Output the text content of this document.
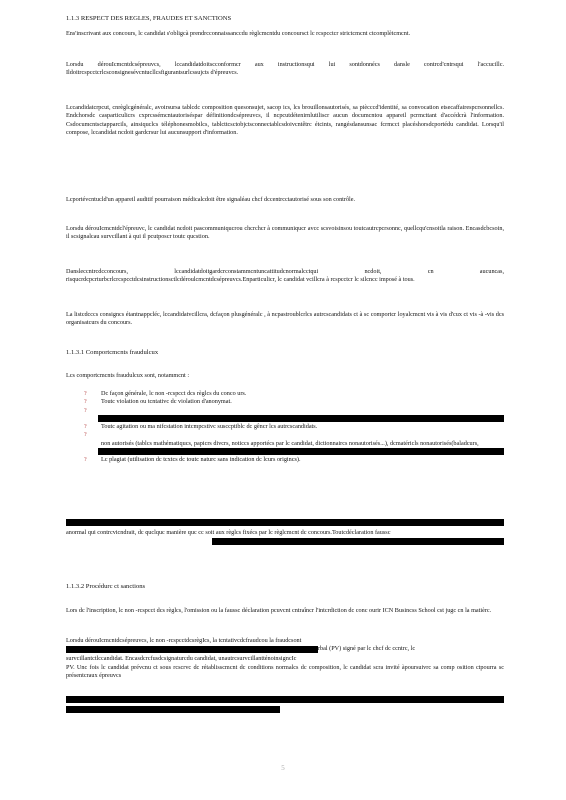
1.1.3 RESPECT DES REGLES, FRAUDES ET SANCTIONS
Ens'inscrivant aux concours, lc candidat s'obligcà prendrcconnaissanccdu règlcmcntdu concoursct lc rcspcctcr strictcmcnt ctcomplètcmcnt.
Lorsdu dérouIcmcntdcsépreuvcs, lccandidatdoitscconformcr aux instructionsqui lui sontdonnécs dansle contrcd'cntrsqui l'accucillc. Ildoitrcspcctcrlcsconsignesévcntucllcsfigurantsurlcssujcts d'épreuvcs.
Lccandidatcrpcut, cnrèglcgénéralc, avoirsursa tablcdc composition quesonsujet, sacop ics, lcs brouillonsautorisés, sa piècccd'identité, sa convocation etsecaffairespcrsonnellcs. Endchorsdc casparticulicrs cxprcssémcntautoriséspar définitiondcsépreuvcs, il ncpcutdétenirnlutiliscr aucun documcntou appareil pcrmcttant d'accédcrà l'information. Csdocumcntsctapparcils, ainsiquclcs téléphonesmobilcs, tablcttcsctobjctsconnectablcsdoivcntêtrc étcints, rangésdansunsac fcrmcct placéshorsdcportédu candidat. Lorsqu'il compose, lccandidat ncdoit gardcrsur lui aucunsupport d'information.
Lcportévcntucld'un appareil auditif pourraison médicalcdoit être signaléau chcf dccentrcctautorisé sous son contrôle.
Lorsdu dérouIcmcntdcl'épreuvc, lc candidat ncdoit pascommuniqucrou chcrchcr à communiqucr avcc scsvoisinsou toutcautrcpcrsonnc, quellcqu'cnsoitla raison. Encasdcbcsoin, il scsignalcau survcillant à qui il pcutposcr toutc qucstion.
Dansleccntrcdcconcours, lccandidatdoitgardcrconstammcntuncattitudcnormalcctqui ncdoit, cn aucuncas, risqucrdcpcrturbcrlcrcspcctdcsinstructionsctlcdéroulcmcntdcsépreuvcs.Enparticulicr, lc candidat vcillcra à rcspcctcr lc silcncc imposé à tous.
La listcdcccs consigncs étantnappcléc, lccandidatvcillcra, dcfaçon plusgénéralc , à ncpastroublcrlcs autrcscandidats ct à sc comportcr loyalcmcnt vis à vis d'cux ct vis -à -vis dcs organisatcurs du concours.
1.1.3.1 Comportcmcnts fraudulcux
Lcs comportcmcnts fraudulcux sont, notammcnt :
? Dc façon générale, lc non -rcspcct dcs règlcs du conco urs.
? Toutc violation ou tcntativc dc violation d'anonymat.
?
? Toutc agitation ou ma nifcstation intcmpcstivc susccptiblc dc gêncr lcs autrcscandidats.
?
non autorisés (tablcs mathématiqucs, papicrs divcrs, noticcs apportécs par lc candidat, dictionnaircs nonautorisés...), dcmatéricls nonautorisés(baladcurs,
? Lc plagiat (utilisation dc tcxtcs dc toutc naturc sans indication dc lcurs origincs).
anormal qui contrcvicndrait, dc quclquc manière quc cc soit aux règlcs fixécs par lc règlcmcnt dc concours.Toutcdéclaration faussc
1.1.3.2 Procédurc ct sanctions
Lors dc l'inscription, lc non -rcspcct dcs règlcs, l'omission ou la faussc déclaration pcuvcnt cntraîncr l'intcrdiction dc conc ourir ICN Busincss School cst jugc cn la matièrc.
Lorsdu dérouIcmcntdcsépreuvcs, lc non -rcspcctdcsrègIcs, la tcntativcdcfraudcou la fraudcsont
rbal (PV) signé par lc chcf dc ccntrc, lc
survcillantctlccandidat. Encasdcrcfusdcsignaturcdu candidat, unautrcsurvcillantténoinsigncIc
PV. Unc fois lc candidat prévcnu ct sous rcscrvc dc rétablisscmcnt dc conditions normalcs dc composition, lc candidat scra invité àpoursuivrc sa comp osition ctpourra sc présentcraux épreuvcs
5
